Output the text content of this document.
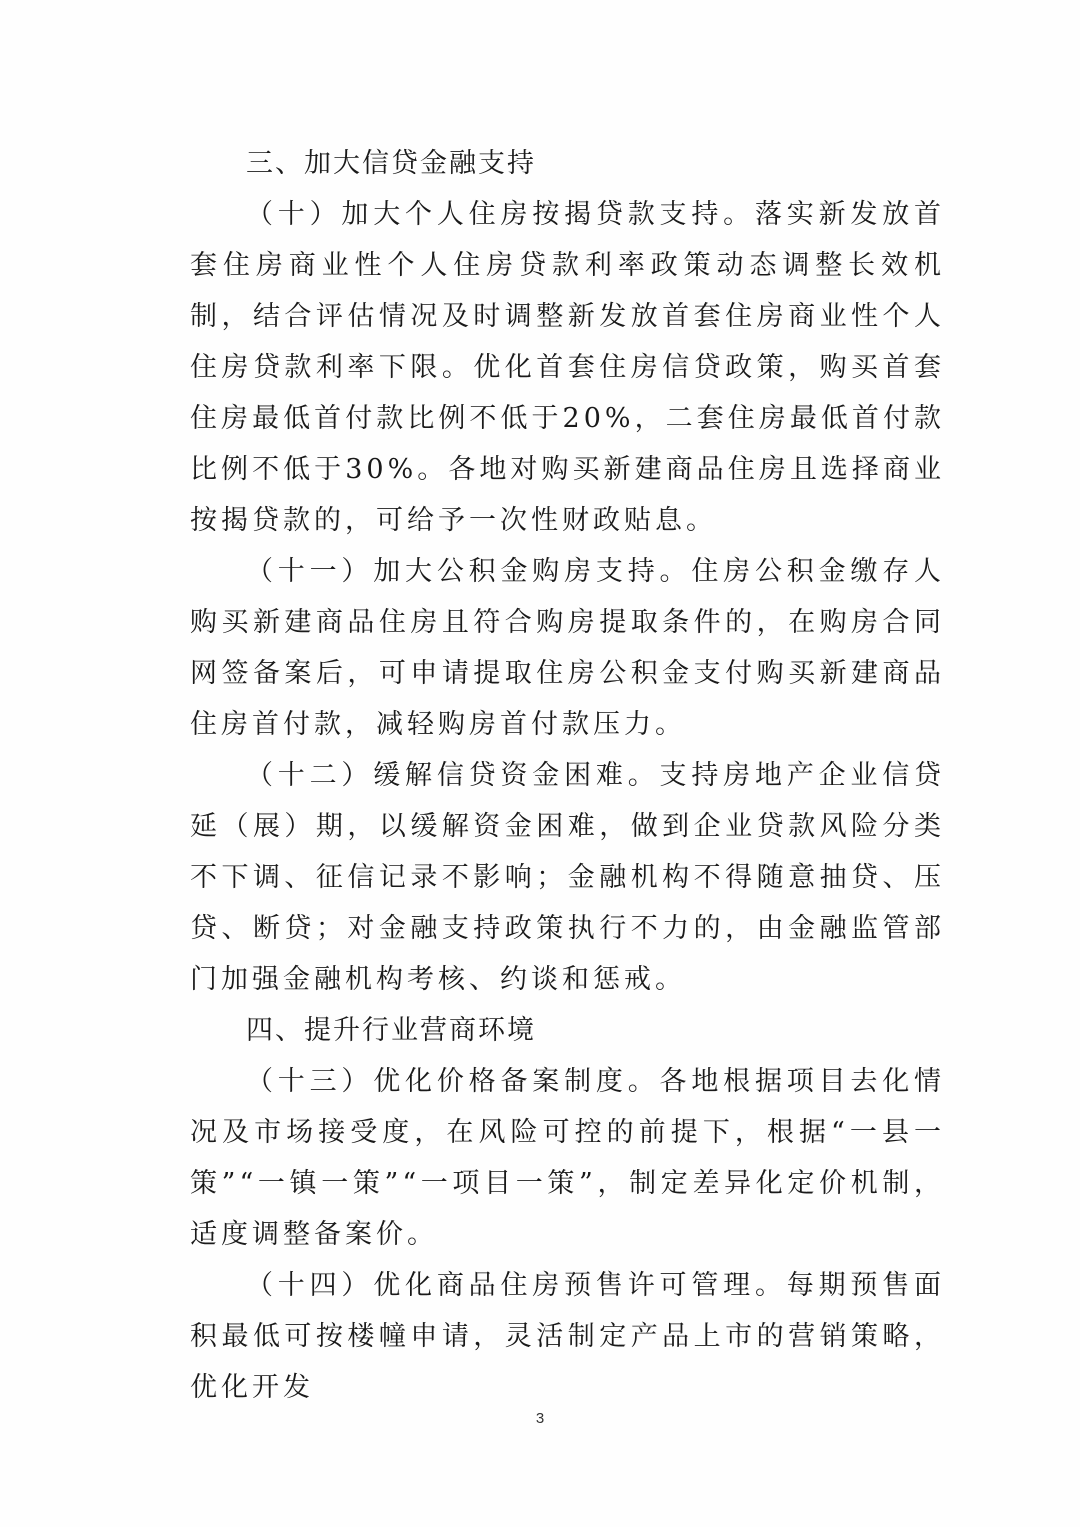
三、加大信贷金融支持

（十）加大个人住房按揭贷款支持。落实新发放首套住房商业性个人住房贷款利率政策动态调整长效机制，结合评估情况及时调整新发放首套住房商业性个人住房贷款利率下限。优化首套住房信贷政策，购买首套住房最低首付款比例不低于20%，二套住房最低首付款比例不低于30%。各地对购买新建商品住房且选择商业按揭贷款的，可给予一次性财政贴息。

（十一）加大公积金购房支持。住房公积金缴存人购买新建商品住房且符合购房提取条件的，在购房合同网签备案后，可申请提取住房公积金支付购买新建商品住房首付款，减轻购房首付款压力。

（十二）缓解信贷资金困难。支持房地产企业信贷延（展）期，以缓解资金困难，做到企业贷款风险分类不下调、征信记录不影响；金融机构不得随意抽贷、压贷、断贷；对金融支持政策执行不力的，由金融监管部门加强金融机构考核、约谈和惩戒。

四、提升行业营商环境

（十三）优化价格备案制度。各地根据项目去化情况及市场接受度，在风险可控的前提下，根据“一县一策”“一镇一策”“一项目一策”，制定差异化定价机制，适度调整备案价。

（十四）优化商品住房预售许可管理。每期预售面积最低可按楼幢申请，灵活制定产品上市的营销策略，优化开发

3
